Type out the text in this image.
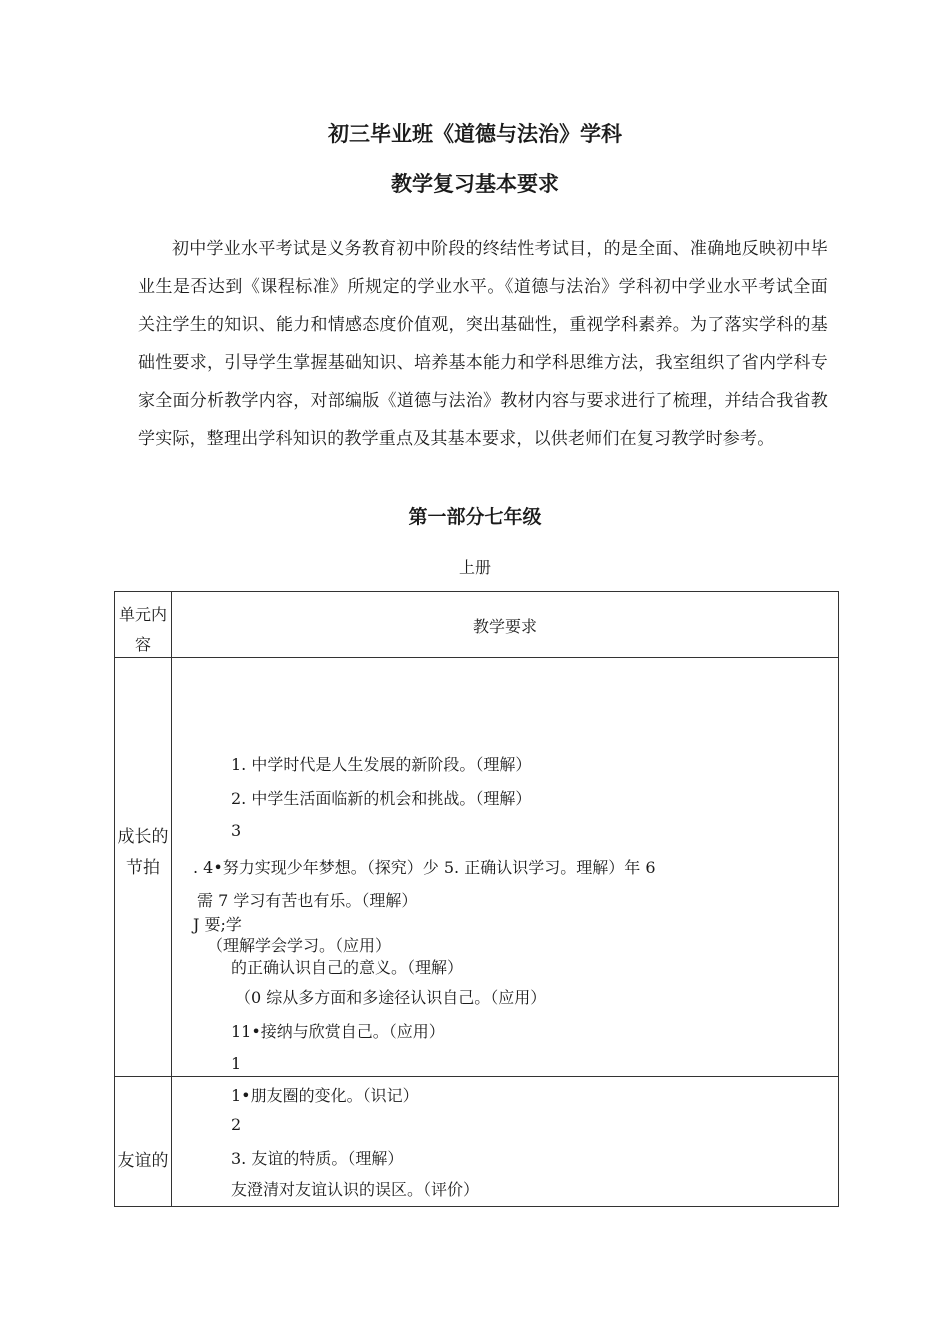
初三毕业班《道德与法治》学科
教学复习基本要求
初中学业水平考试是义务教育初中阶段的终结性考试目，的是全面、准确地反映初中毕业生是否达到《课程标准》所规定的学业水平。《道德与法治》学科初中学业水平考试全面关注学生的知识、能力和情感态度价值观，突出基础性，重视学科素养。为了落实学科的基础性要求，引导学生掌握基础知识、培养基本能力和学科思维方法，我室组织了省内学科专家全面分析教学内容，对部编版《道德与法治》教材内容与要求进行了梳理，并结合我省教学实际，整理出学科知识的教学重点及其基本要求，以供老师们在复习教学时参考。
第一部分七年级
上册
单元内容
教学要求
成长的节拍
1. 中学时代是人生发展的新阶段。（理解）
2. 中学生活面临新的机会和挑战。（理解）
3
. 4•努力实现少年梦想。（探究）少 5. 正确认识学习。理解）年 6
需 7 学习有苦也有乐。（理解）
J 要;学
（理解学会学习。（应用）
的正确认识自己的意义。（理解）
（0 综从多方面和多途径认识自己。（应用）
11•接纳与欣赏自己。（应用）
1
友谊的
1•朋友圈的变化。（识记）
2
3. 友谊的特质。（理解）
友澄清对友谊认识的误区。（评价）
